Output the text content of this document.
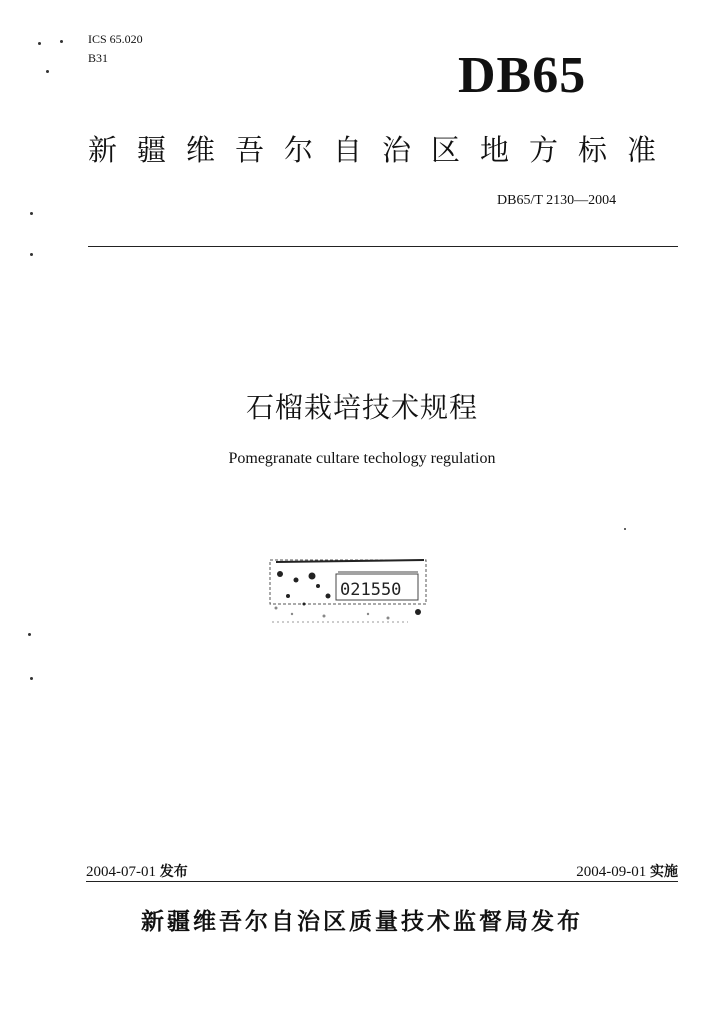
ICS 65.020
B31	DB65
新疆维吾尔自治区地方标准
DB65/T 2130—2004
石榴栽培技术规程
Pomegranate cultare techology regulation
021550
2004-07-01 发布	2004-09-01 实施
新疆维吾尔自治区质量技术监督局发布
